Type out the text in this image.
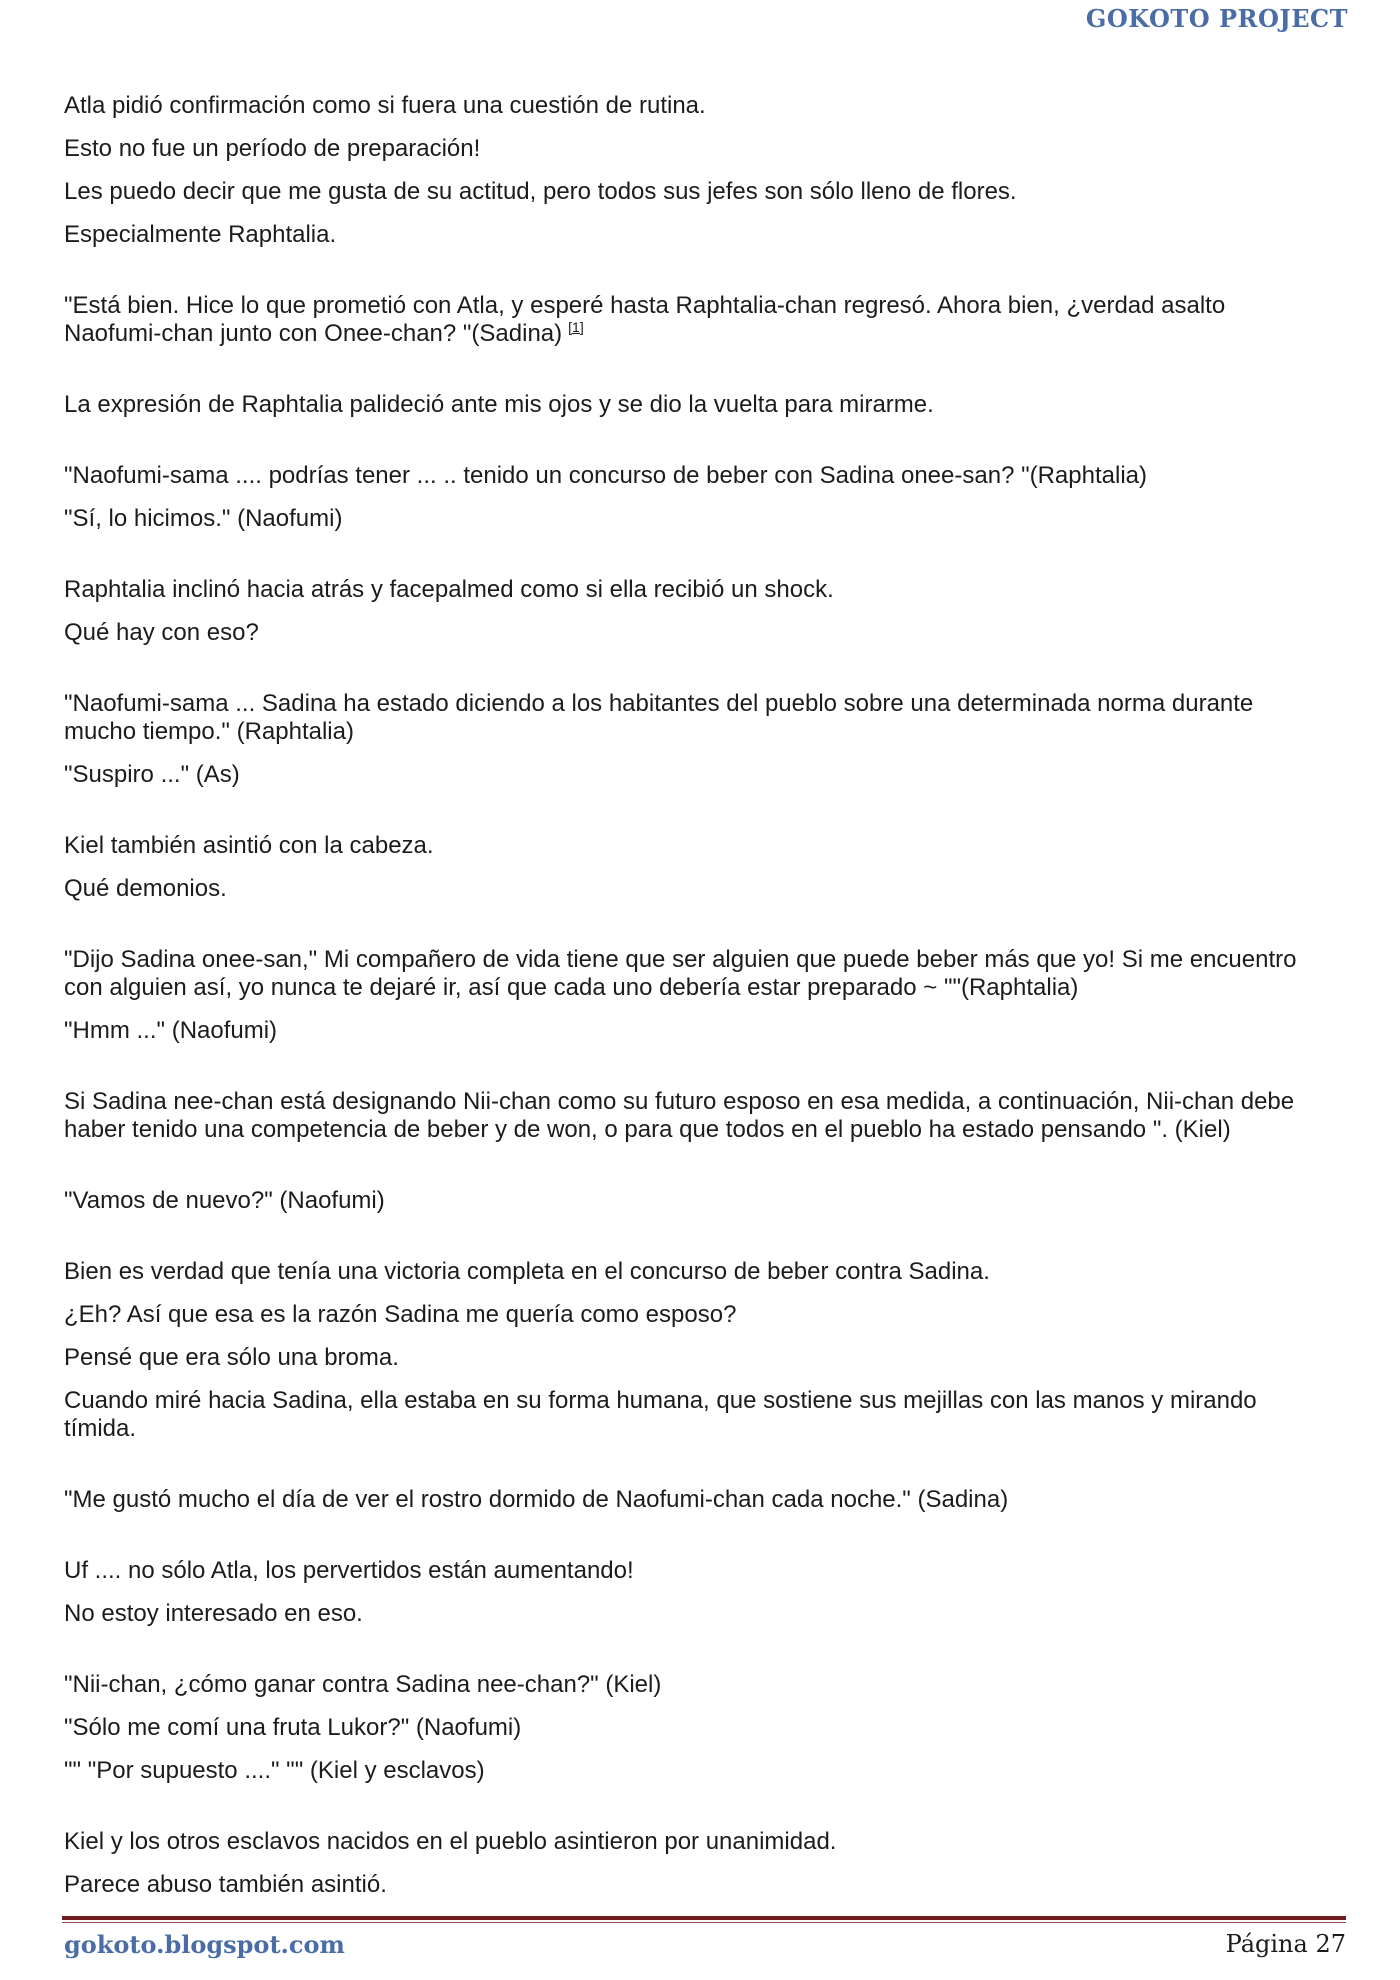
GOKOTO PROJECT

Atla pidió confirmación como si fuera una cuestión de rutina.

Esto no fue un período de preparación!

Les puedo decir que me gusta de su actitud, pero todos sus jefes son sólo lleno de flores.

Especialmente Raphtalia.

"Está bien. Hice lo que prometió con Atla, y esperé hasta Raphtalia-chan regresó. Ahora bien, ¿verdad asalto

Naofumi-chan junto con Onee-chan? "(Sadina) [1]

La expresión de Raphtalia palideció ante mis ojos y se dio la vuelta para mirarme.

"Naofumi-sama .... podrías tener ... .. tenido un concurso de beber con Sadina onee-san? "(Raphtalia)

"Sí, lo hicimos." (Naofumi)

Raphtalia inclinó hacia atrás y facepalmed como si ella recibió un shock.

Qué hay con eso?

"Naofumi-sama ... Sadina ha estado diciendo a los habitantes del pueblo sobre una determinada norma durante

mucho tiempo." (Raphtalia)

"Suspiro ..." (As)

Kiel también asintió con la cabeza.

Qué demonios.

"Dijo Sadina onee-san," Mi compañero de vida tiene que ser alguien que puede beber más que yo! Si me encuentro

con alguien así, yo nunca te dejaré ir, así que cada uno debería estar preparado ~ ""(Raphtalia)

"Hmm ..." (Naofumi)

Si Sadina nee-chan está designando Nii-chan como su futuro esposo en esa medida, a continuación, Nii-chan debe

haber tenido una competencia de beber y de won, o para que todos en el pueblo ha estado pensando ". (Kiel)

"Vamos de nuevo?" (Naofumi)

Bien es verdad que tenía una victoria completa en el concurso de beber contra Sadina.

¿Eh? Así que esa es la razón Sadina me quería como esposo?

Pensé que era sólo una broma.

Cuando miré hacia Sadina, ella estaba en su forma humana, que sostiene sus mejillas con las manos y mirando

tímida.

"Me gustó mucho el día de ver el rostro dormido de Naofumi-chan cada noche." (Sadina)

Uf .... no sólo Atla, los pervertidos están aumentando!

No estoy interesado en eso.

"Nii-chan, ¿cómo ganar contra Sadina nee-chan?" (Kiel)

"Sólo me comí una fruta Lukor?" (Naofumi)

"" "Por supuesto ...." "" (Kiel y esclavos)

Kiel y los otros esclavos nacidos en el pueblo asintieron por unanimidad.

Parece abuso también asintió.

gokoto.blogspot.com	Página 27
